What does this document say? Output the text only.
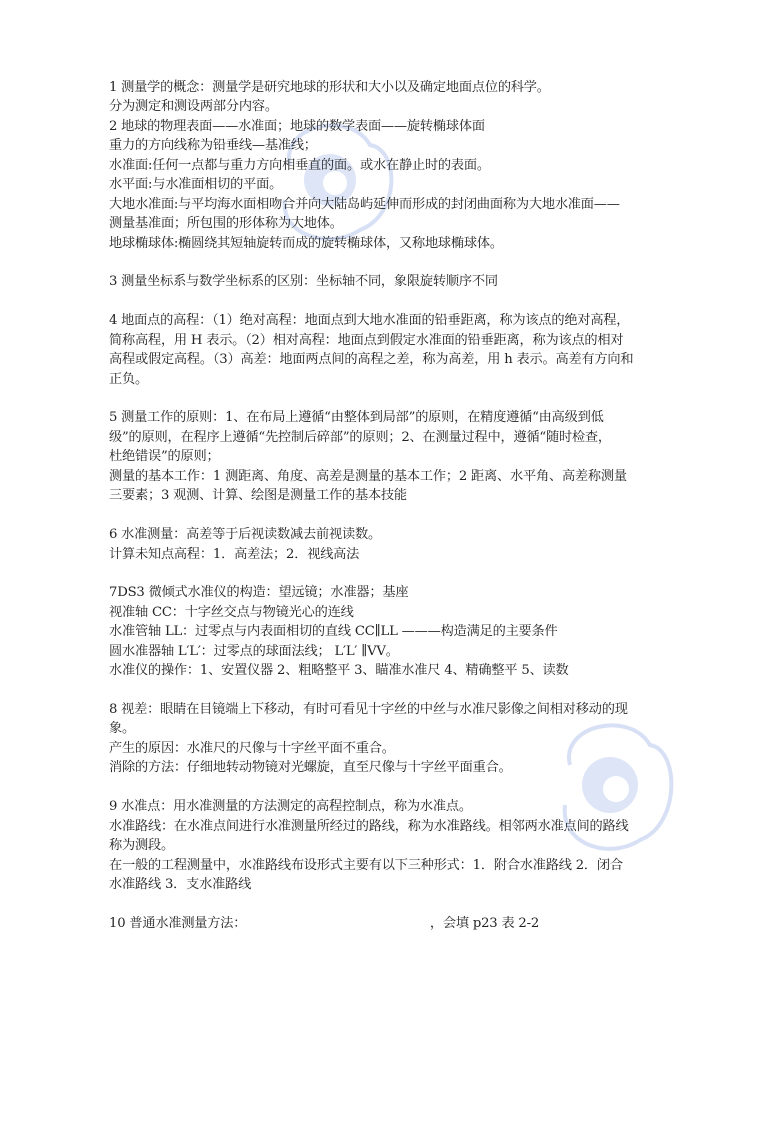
1 测量学的概念：测量学是研究地球的形状和大小以及确定地面点位的科学。
分为测定和测设两部分内容。
2 地球的物理表面——水准面；地球的数学表面——旋转椭球体面
重力的方向线称为铅垂线—基准线；
水准面:任何一点都与重力方向相垂直的面。或水在静止时的表面。
水平面:与水准面相切的平面。
大地水准面:与平均海水面相吻合并向大陆岛屿延伸而形成的封闭曲面称为大地水准面——
测量基准面；所包围的形体称为大地体。
地球椭球体:椭圆绕其短轴旋转而成的旋转椭球体，又称地球椭球体。
3 测量坐标系与数学坐标系的区别：坐标轴不同，象限旋转顺序不同
4 地面点的高程：（1）绝对高程：地面点到大地水准面的铅垂距离，称为该点的绝对高程，
简称高程，用 H 表示。（2）相对高程：地面点到假定水准面的铅垂距离，称为该点的相对
高程或假定高程。（3）高差：地面两点间的高程之差，称为高差，用 h 表示。高差有方向和
正负。
5 测量工作的原则：1、在布局上遵循“由整体到局部”的原则，在精度遵循“由高级到低
级”的原则，在程序上遵循“先控制后碎部”的原则；2、在测量过程中，遵循“随时检查，
杜绝错误”的原则；
测量的基本工作：1 测距离、角度、高差是测量的基本工作；2 距离、水平角、高差称测量
三要素；3 观测、计算、绘图是测量工作的基本技能
6 水准测量：高差等于后视读数减去前视读数。
计算未知点高程：1．高差法；2．视线高法
7DS3 微倾式水准仪的构造：望远镜；水准器；基座
视准轴 CC：十字丝交点与物镜光心的连线
水准管轴 LL：过零点与内表面相切的直线 CC∥LL ———构造满足的主要条件
圆水准器轴 L′L′：过零点的球面法线； L′L′ ∥VV。
水准仪的操作：1、安置仪器 2、粗略整平 3、瞄准水准尺 4、精确整平 5、读数
8 视差：眼睛在目镜端上下移动，有时可看见十字丝的中丝与水准尺影像之间相对移动的现
象。
产生的原因：水准尺的尺像与十字丝平面不重合。
消除的方法：仔细地转动物镜对光螺旋，直至尺像与十字丝平面重合。
9 水准点：用水准测量的方法测定的高程控制点，称为水准点。
水准路线：在水准点间进行水准测量所经过的路线，称为水准路线。相邻两水准点间的路线
称为测段。
在一般的工程测量中，水准路线布设形式主要有以下三种形式：1．附合水准路线 2．闭合
水准路线 3．支水准路线
10 普通水准测量方法：                                              ，会填 p23 表 2-2
